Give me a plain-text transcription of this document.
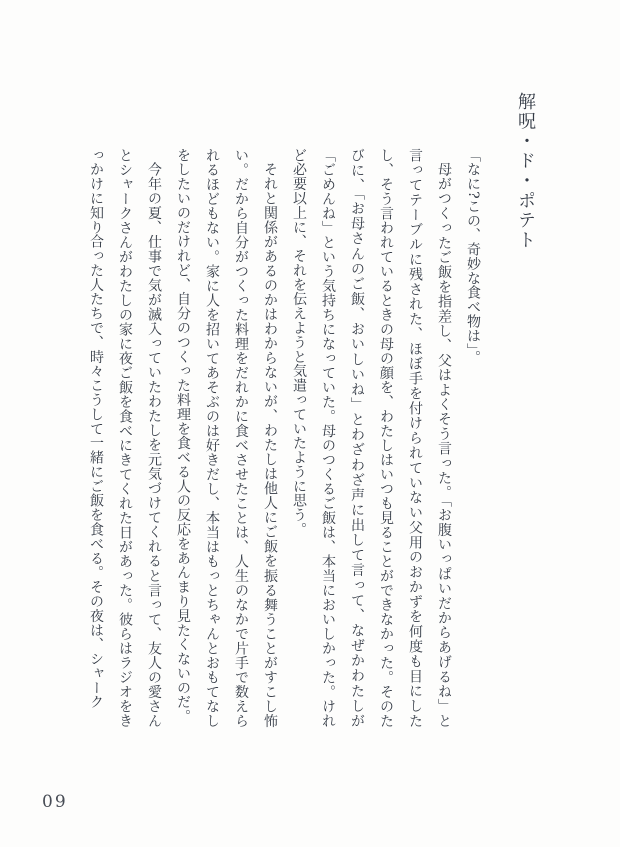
解呪・ド・ポテト

「なに?この、奇妙な食べ物は」。

母がつくったご飯を指差し、父はよくそう言った。「お腹いっぱいだからあげるね」と言ってテーブルに残された、ほぼ手を付けられていない父用のおかずを何度も目にしたし、そう言われているときの母の顔を、わたしはいつも見ることができなかった。そのたびに、「お母さんのご飯、おいしいね」とわざわざ声に出して言って、なぜかわたしが「ごめんね」という気持ちになっていた。母のつくるご飯は、本当においしかった。けれど必要以上に、それを伝えようと気遣っていたように思う。

それと関係があるのかはわからないが、わたしは他人にご飯を振る舞うことがすこし怖い。だから自分がつくった料理をだれかに食べさせたことは、人生のなかで片手で数えられるほどもない。家に人を招いてあそぶのは好きだし、本当はもっとちゃんとおもてなしをしたいのだけれど、自分のつくった料理を食べる人の反応をあんまり見たくないのだ。

今年の夏、仕事で気が滅入っていたわたしを元気づけてくれると言って、友人の愛さんとシャークさんがわたしの家に夜ご飯を食べにきてくれた日があった。彼らはラジオをきっかけに知り合った人たちで、時々こうして一緒にご飯を食べる。その夜は、シャーク

09
